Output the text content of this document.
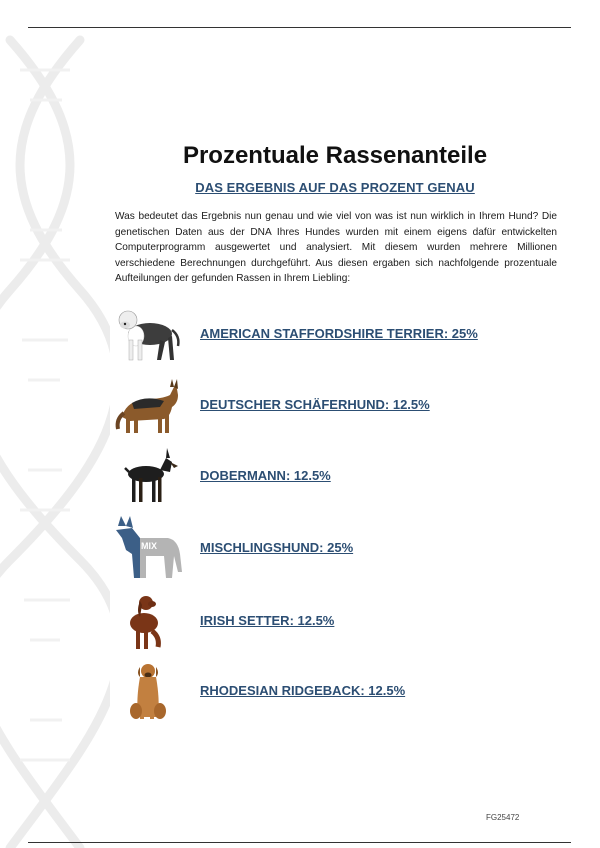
Prozentuale Rassenanteile
DAS ERGEBNIS AUF DAS PROZENT GENAU
Was bedeutet das Ergebnis nun genau und wie viel von was ist nun wirklich in Ihrem Hund? Die genetischen Daten aus der DNA Ihres Hundes wurden mit einem eigens dafür entwickelten Computerprogramm ausgewertet und analysiert. Mit diesem wurden mehrere Millionen verschiedene Berechnungen durchgeführt. Aus diesen ergaben sich nachfolgende prozentuale Aufteilungen der gefunden Rassen in Ihrem Liebling:
AMERICAN STAFFORDSHIRE TERRIER: 25%
DEUTSCHER SCHÄFERHUND: 12.5%
DOBERMANN: 12.5%
MIX	MISCHLINGSHUND: 25%
IRISH SETTER: 12.5%
RHODESIAN RIDGEBACK: 12.5%
FG25472
